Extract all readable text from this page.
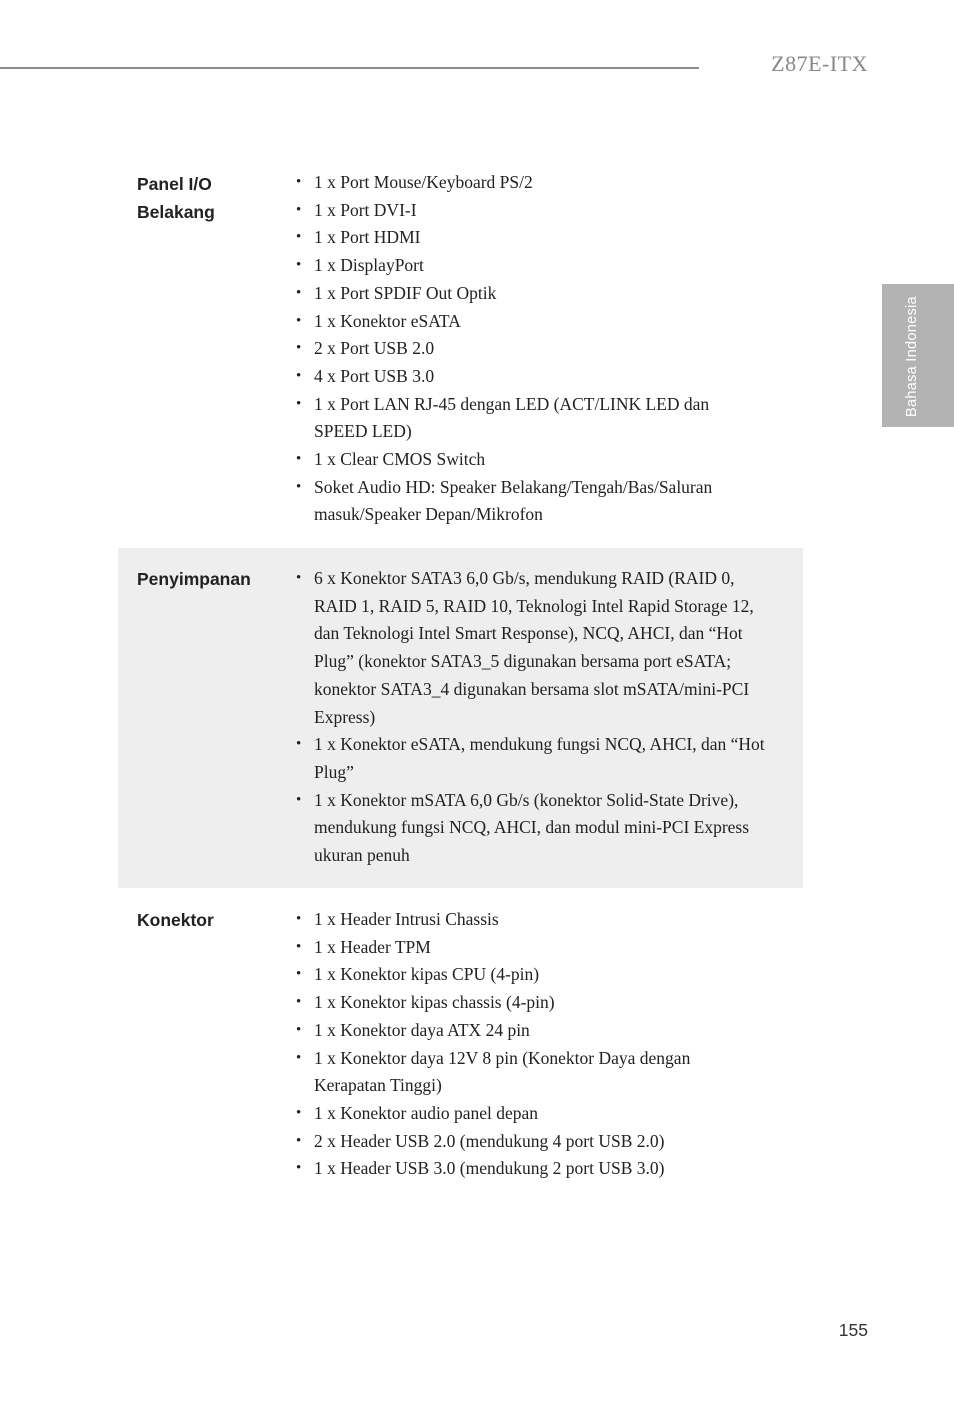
Z87E-ITX
Bahasa Indonesia
Panel I/O
Belakang
• 1 x Port Mouse/Keyboard PS/2
• 1 x Port DVI-I
• 1 x Port HDMI
• 1 x DisplayPort
• 1 x Port SPDIF Out Optik
• 1 x Konektor eSATA
• 2 x Port USB 2.0
• 4 x Port USB 3.0
• 1 x Port LAN RJ-45 dengan LED (ACT/LINK LED dan SPEED LED)
• 1 x Clear CMOS Switch
• Soket Audio HD: Speaker Belakang/Tengah/Bas/Saluran masuk/Speaker Depan/Mikrofon
Penyimpanan	• 6 x Konektor SATA3 6,0 Gb/s, mendukung RAID (RAID 0, RAID 1, RAID 5, RAID 10, Teknologi Intel Rapid Storage 12, dan Teknologi Intel Smart Response), NCQ, AHCI, dan “Hot Plug” (konektor SATA3_5 digunakan bersama port eSATA; konektor SATA3_4 digunakan bersama slot mSATA/mini-PCI Express)
• 1 x Konektor eSATA, mendukung fungsi NCQ, AHCI, dan “Hot Plug”
• 1 x Konektor mSATA 6,0 Gb/s (konektor Solid-State Drive), mendukung fungsi NCQ, AHCI, dan modul mini-PCI Express ukuran penuh
Konektor	• 1 x Header Intrusi Chassis
• 1 x Header TPM
• 1 x Konektor kipas CPU (4-pin)
• 1 x Konektor kipas chassis (4-pin)
• 1 x Konektor daya ATX 24 pin
• 1 x Konektor daya 12V 8 pin (Konektor Daya dengan Kerapatan Tinggi)
• 1 x Konektor audio panel depan
• 2 x Header USB 2.0 (mendukung 4 port USB 2.0)
• 1 x Header USB 3.0 (mendukung 2 port USB 3.0)
155
